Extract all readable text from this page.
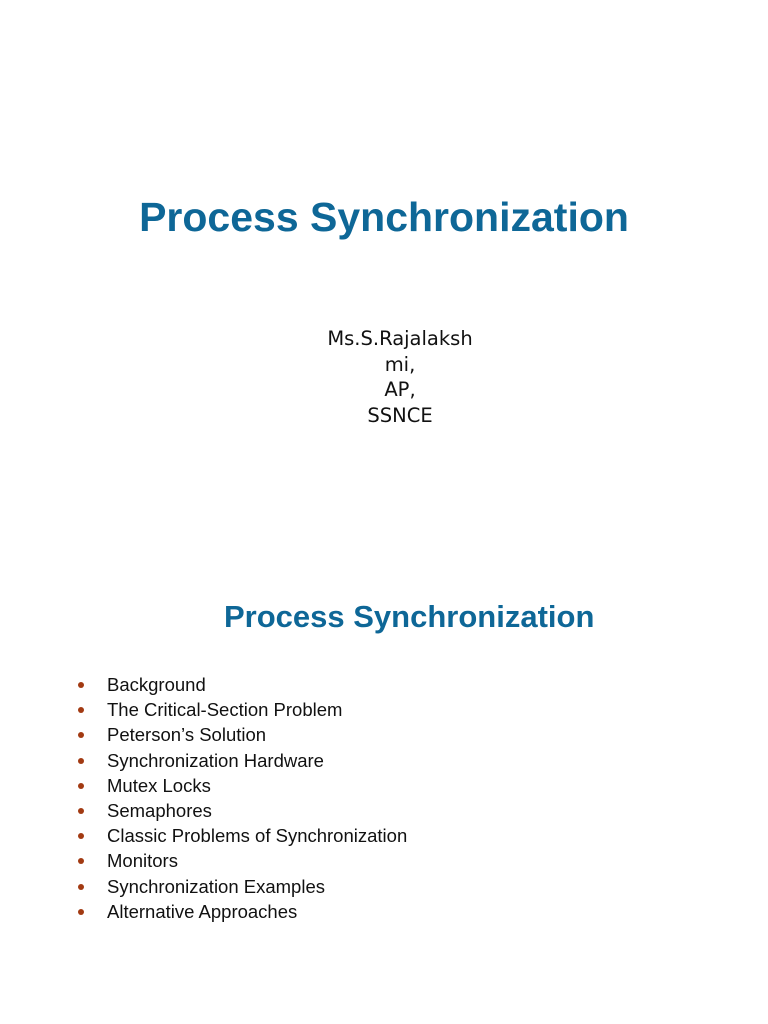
Process Synchronization
Ms.S.Rajalaksh
mi,
AP,
SSNCE
Process Synchronization
Background
The Critical-Section Problem
Peterson’s Solution
Synchronization Hardware
Mutex Locks
Semaphores
Classic Problems of Synchronization
Monitors
Synchronization Examples
Alternative Approaches
